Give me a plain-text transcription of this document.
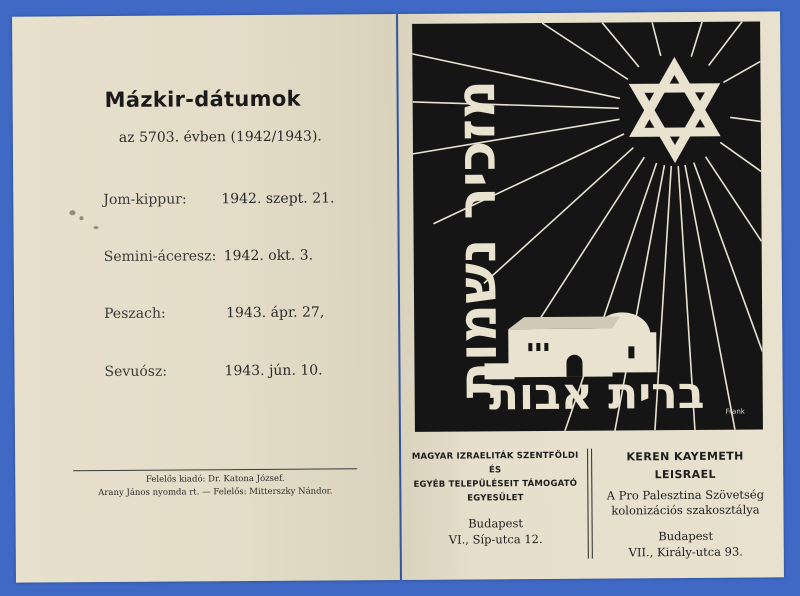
Mázkir-dátumok
az 5703. évben (1942/1943).
Jom-kippur: 1942. szept. 21.
Semini-áceresz: 1942. okt. 3.
Peszach:	1943. ápr. 27,
Sevuósz:	1943. jún. 10.
Felelős kiadó: Dr. Katona József.
Arany János nyomda rt. — Felelős: Mitterszky Nándor.
מזכיר נשמות
ברית אבות	Frank
MAGYAR IZRAELITÁK SZENTFÖLDI ÉS
EGYÉB TELEPÜLÉSEIT TÁMOGATÓ
EGYESÜLET
Budapest
VI., Síp-utca 12.
KEREN KAYEMETH LEISRAEL
A Pro Palesztina Szövetség
kolonizációs szakosztálya
Budapest
VII., Király-utca 93.
